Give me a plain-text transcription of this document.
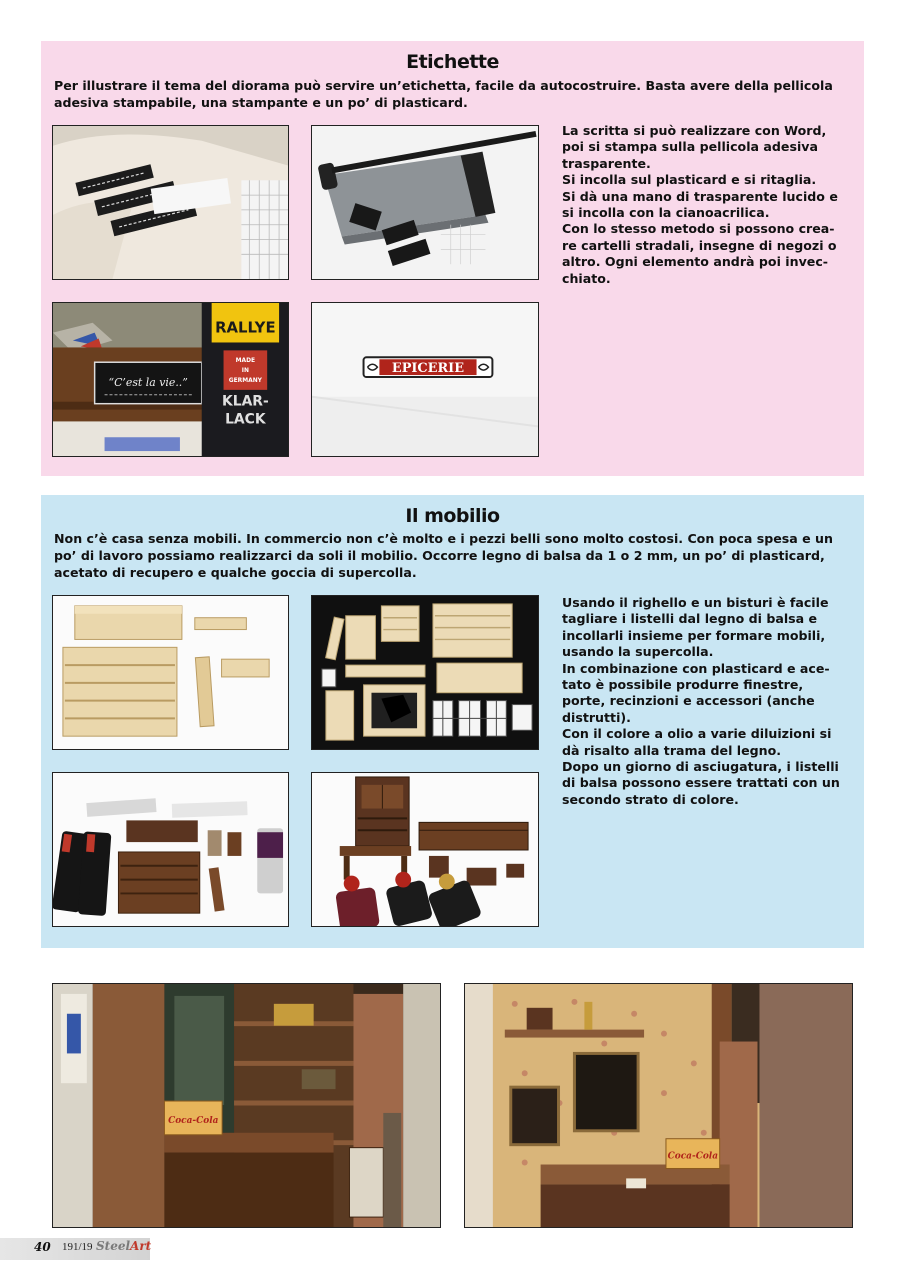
Etichette

Per illustrare il tema del diorama può servire un’etichetta, facile da autocostruire. Basta avere della pellicola adesiva stampabile, una stampante e un po’ di plasticard.

“C’est la vie..”
RALLYE
MADE
IN
GERMANY
KLAR-
LACK
EPICERIE
La scritta si può realizzare con Word,
poi si stampa sulla pellicola adesiva
trasparente.
Si incolla sul plasticard e si ritaglia.
Si dà una mano di trasparente lucido e
si incolla con la cianoacrilica.
Con lo stesso metodo si possono crea-
re cartelli stradali, insegne di negozi o
altro. Ogni elemento andrà poi invec-
chiato.
Il mobilio

Non c’è casa senza mobili. In commercio non c’è molto e i pezzi belli sono molto costosi. Con poca spesa e un po’ di lavoro possiamo realizzarci da soli il mobilio. Occorre legno di balsa da 1 o 2 mm, un po’ di plasticard, acetato di recupero e qualche goccia di supercolla.

Usando il righello e un bisturi è facile
tagliare i listelli dal legno di balsa e
incollarli insieme per formare mobili,
usando la supercolla.
In combinazione con plasticard e ace-
tato è possibile produrre finestre,
porte, recinzioni e accessori (anche
distrutti).
Con il colore a olio a varie diluizioni si
dà risalto alla trama del legno.
Dopo un giorno di asciugatura, i listelli
di balsa possono essere trattati con un
secondo strato di colore.
Coca-Cola
Coca-Cola
40 191/19 SteelArt
